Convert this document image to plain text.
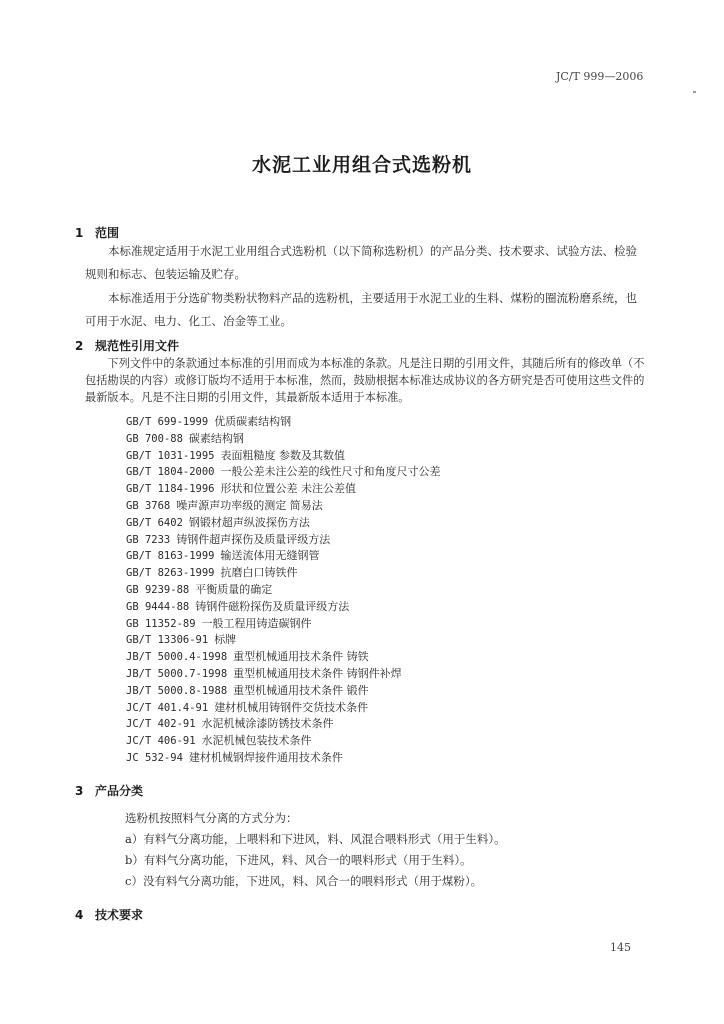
JC/T 999—2006
水泥工业用组合式选粉机
1 范围
本标准规定适用于水泥工业用组合式选粉机（以下简称选粉机）的产品分类、技术要求、试验方法、检验规则和标志、包装运输及贮存。
本标准适用于分选矿物类粉状物料产品的选粉机，主要适用于水泥工业的生料、煤粉的圈流粉磨系统，也可用于水泥、电力、化工、冶金等工业。
2 规范性引用文件
下列文件中的条款通过本标准的引用而成为本标准的条款。凡是注日期的引用文件，其随后所有的修改单（不包括勘误的内容）或修订版均不适用于本标准，然而，鼓励根据本标准达成协议的各方研究是否可使用这些文件的最新版本。凡是不注日期的引用文件，其最新版本适用于本标准。
GB/T 699-1999 优质碳素结构钢
GB 700-88 碳素结构钢
GB/T 1031-1995 表面粗糙度 参数及其数值
GB/T 1804-2000 一般公差未注公差的线性尺寸和角度尺寸公差
GB/T 1184-1996 形状和位置公差 未注公差值
GB 3768 噪声源声功率级的测定 简易法
GB/T 6402 钢锻材超声纵波探伤方法
GB 7233 铸钢件超声探伤及质量评级方法
GB/T 8163-1999 输送流体用无缝钢管
GB/T 8263-1999 抗磨白口铸铁件
GB 9239-88 平衡质量的确定
GB 9444-88 铸钢件磁粉探伤及质量评级方法
GB 11352-89 一般工程用铸造碳钢件
GB/T 13306-91 标牌
JB/T 5000.4-1998 重型机械通用技术条件 铸铁
JB/T 5000.7-1998 重型机械通用技术条件 铸钢件补焊
JB/T 5000.8-1988 重型机械通用技术条件 锻件
JC/T 401.4-91 建材机械用铸钢件交货技术条件
JC/T 402-91 水泥机械涂漆防锈技术条件
JC/T 406-91 水泥机械包装技术条件
JC 532-94 建材机械钢焊接件通用技术条件
3 产品分类
选粉机按照料气分离的方式分为：
a）有料气分离功能，上喂料和下进风，料、风混合喂料形式（用于生料）。
b）有料气分离功能，下进风，料、风合一的喂料形式（用于生料）。
c）没有料气分离功能，下进风，料、风合一的喂料形式（用于煤粉）。
4 技术要求
145
